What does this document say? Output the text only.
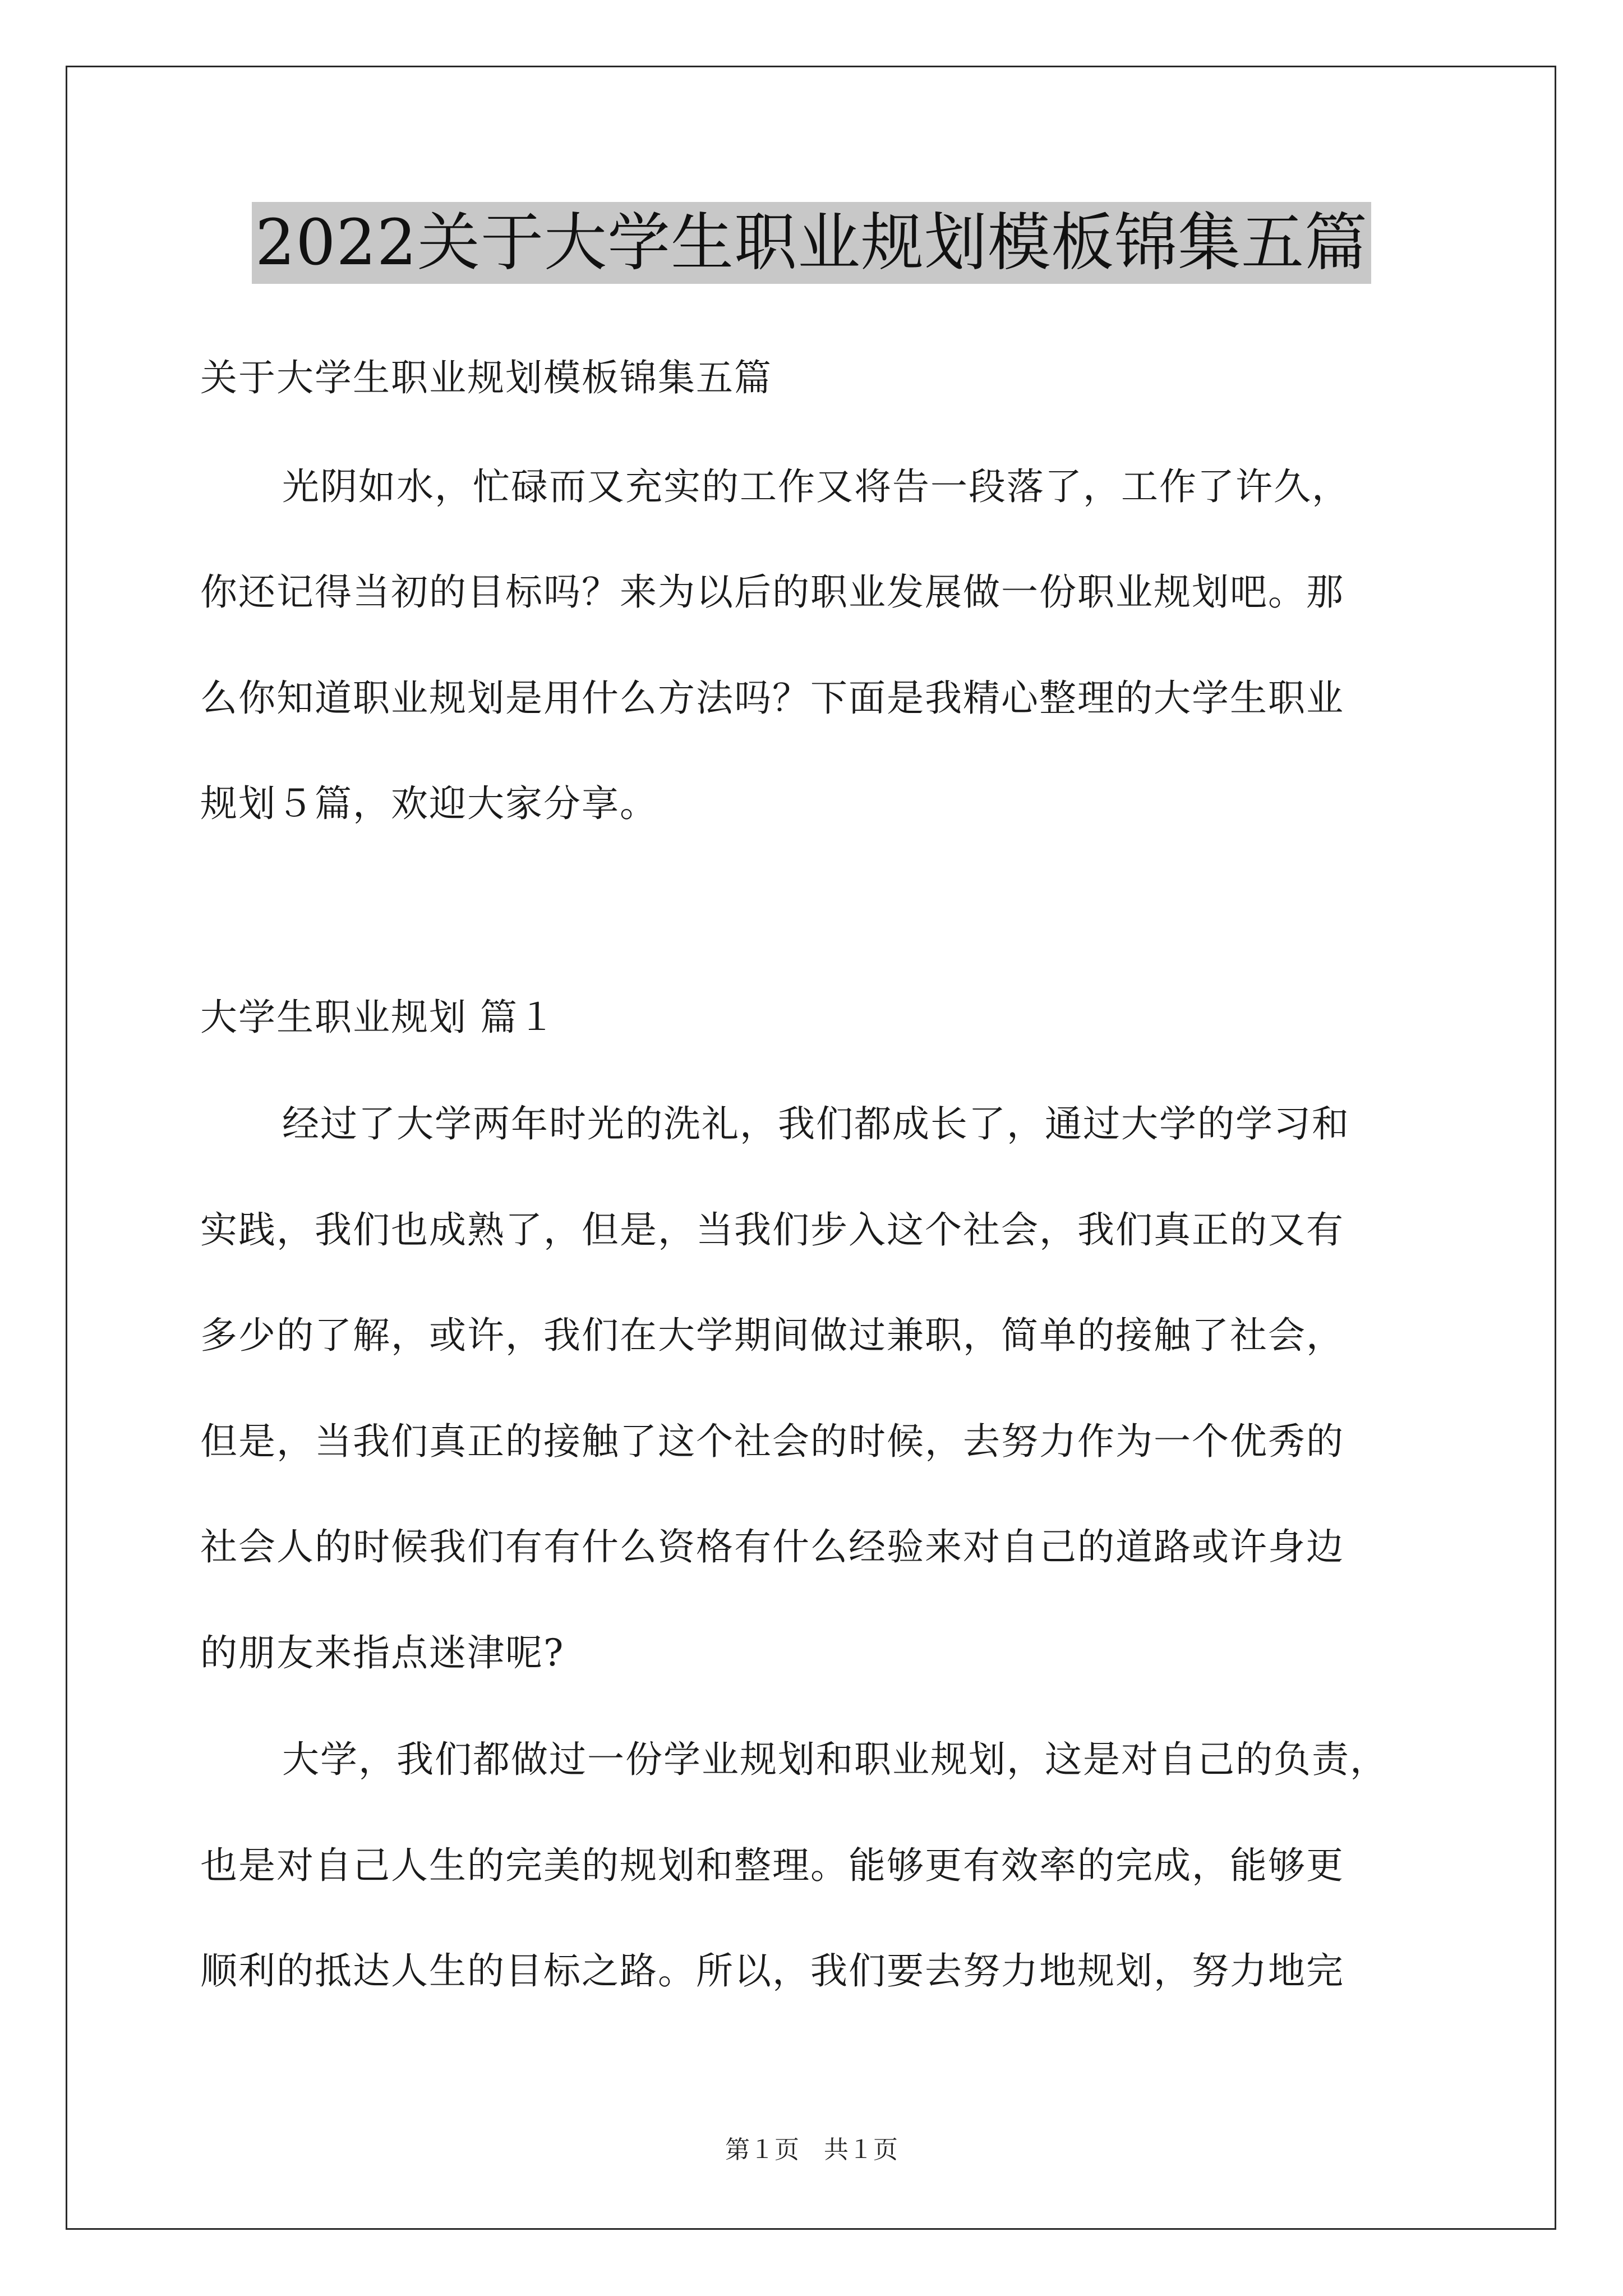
2022关于大学生职业规划模板锦集五篇
关于大学生职业规划模板锦集五篇
光阴如水，忙碌而又充实的工作又将告一段落了，工作了许久，
你还记得当初的目标吗？来为以后的职业发展做一份职业规划吧。那
么你知道职业规划是用什么方法吗？下面是我精心整理的大学生职业
规划５篇，欢迎大家分享。
大学生职业规划 篇１
经过了大学两年时光的洗礼，我们都成长了，通过大学的学习和
实践，我们也成熟了，但是，当我们步入这个社会，我们真正的又有
多少的了解，或许，我们在大学期间做过兼职，简单的接触了社会，
但是，当我们真正的接触了这个社会的时候，去努力作为一个优秀的
社会人的时候我们有有什么资格有什么经验来对自己的道路或许身边
的朋友来指点迷津呢?
大学，我们都做过一份学业规划和职业规划，这是对自己的负责，
也是对自己人生的完美的规划和整理。能够更有效率的完成，能够更
顺利的抵达人生的目标之路。所以，我们要去努力地规划，努力地完
第１页　共１页
